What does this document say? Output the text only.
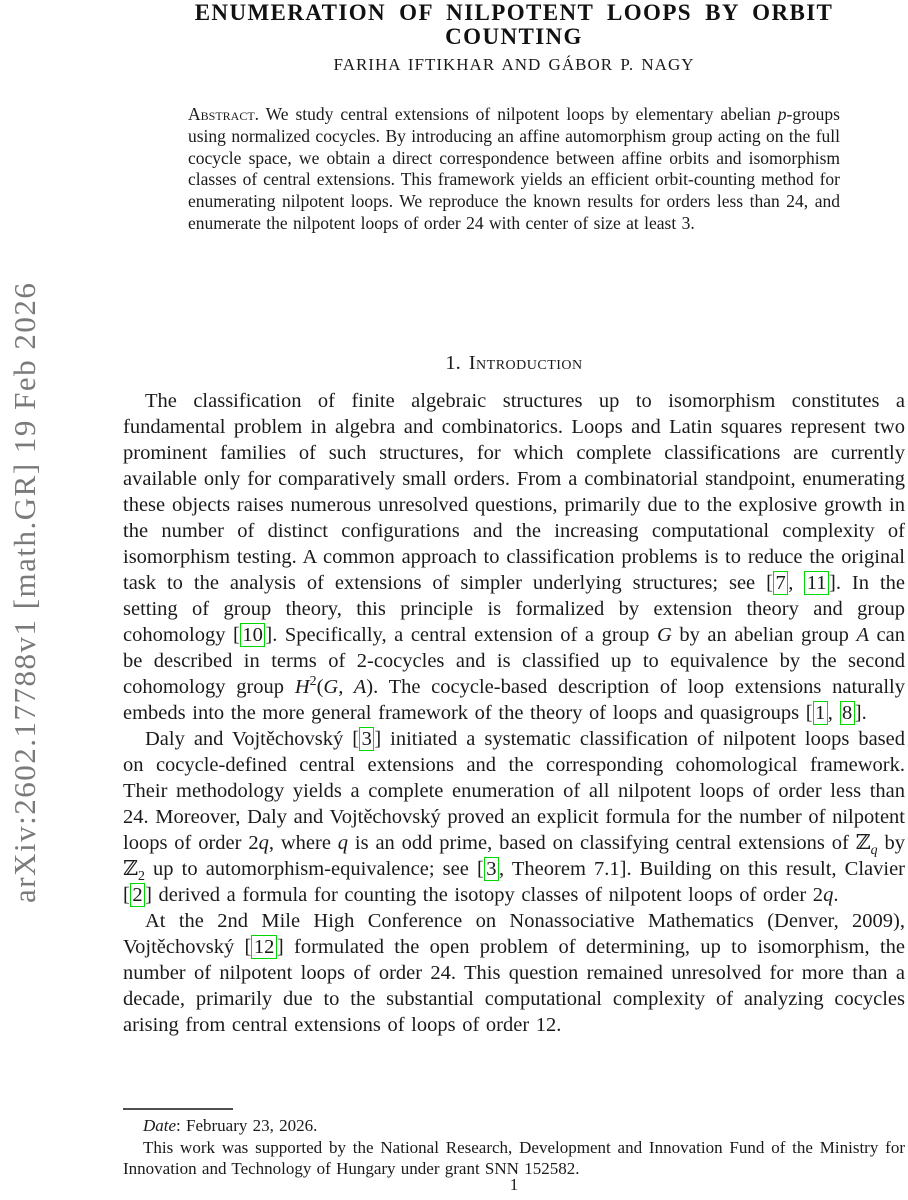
arXiv:2602.17788v1 [math.GR] 19 Feb 2026
ENUMERATION OF NILPOTENT LOOPS BY ORBIT COUNTING
FARIHA IFTIKHAR AND GÁBOR P. NAGY
Abstract. We study central extensions of nilpotent loops by elementary abelian p-groups using normalized cocycles. By introducing an affine automorphism group acting on the full cocycle space, we obtain a direct correspondence between affine orbits and isomorphism classes of central extensions. This framework yields an efficient orbit-counting method for enumerating nilpotent loops. We reproduce the known results for orders less than 24, and enumerate the nilpotent loops of order 24 with center of size at least 3.
1. Introduction

The classification of finite algebraic structures up to isomorphism constitutes a fundamental problem in algebra and combinatorics. Loops and Latin squares represent two prominent families of such structures, for which complete classifications are currently available only for comparatively small orders. From a combinatorial standpoint, enumerating these objects raises numerous unresolved questions, primarily due to the explosive growth in the number of distinct configurations and the increasing computational complexity of isomorphism testing. A common approach to classification problems is to reduce the original task to the analysis of extensions of simpler underlying structures; see [ 7 , 11 ]. In the setting of group theory, this principle is formalized by extension theory and group cohomology [ 10 ]. Specifically, a central extension of a group G by an abelian group A can be described in terms of 2-cocycles and is classified up to equivalence by the second cohomology group $H^2(G$, A). The cocycle-based description of loop extensions naturally embeds into the more general framework of the theory of loops and quasigroups [ 1 , 8 ].

Daly and Vojtěchovský [ 3 ] initiated a systematic classification of nilpotent loops based on cocycle-defined central extensions and the corresponding cohomological framework. Their methodology yields a complete enumeration of all nilpotent loops of order less than 24. Moreover, Daly and Vojtěchovský proved an explicit formula for the number of nilpotent loops of order 2q, where q is an odd prime, based on classifying central extensions of ℤ$_q$ by ℤ$_2$ up to automorphism-equivalence; see [ 3 , Theorem 7.1]. Building on this result, Clavier [ 2 ] derived a formula for counting the isotopy classes of nilpotent loops of order 2q.

At the 2nd Mile High Conference on Nonassociative Mathematics (Denver, 2009), Vojtěchovský [ 12 ] formulated the open problem of determining, up to isomorphism, the number of nilpotent loops of order 24. This question remained unresolved for more than a decade, primarily due to the substantial computational complexity of analyzing cocycles arising from central extensions of loops of order 12.

Date: February 23, 2026.

This work was supported by the National Research, Development and Innovation Fund of the Ministry for Innovation and Technology of Hungary under grant SNN 152582.

1
